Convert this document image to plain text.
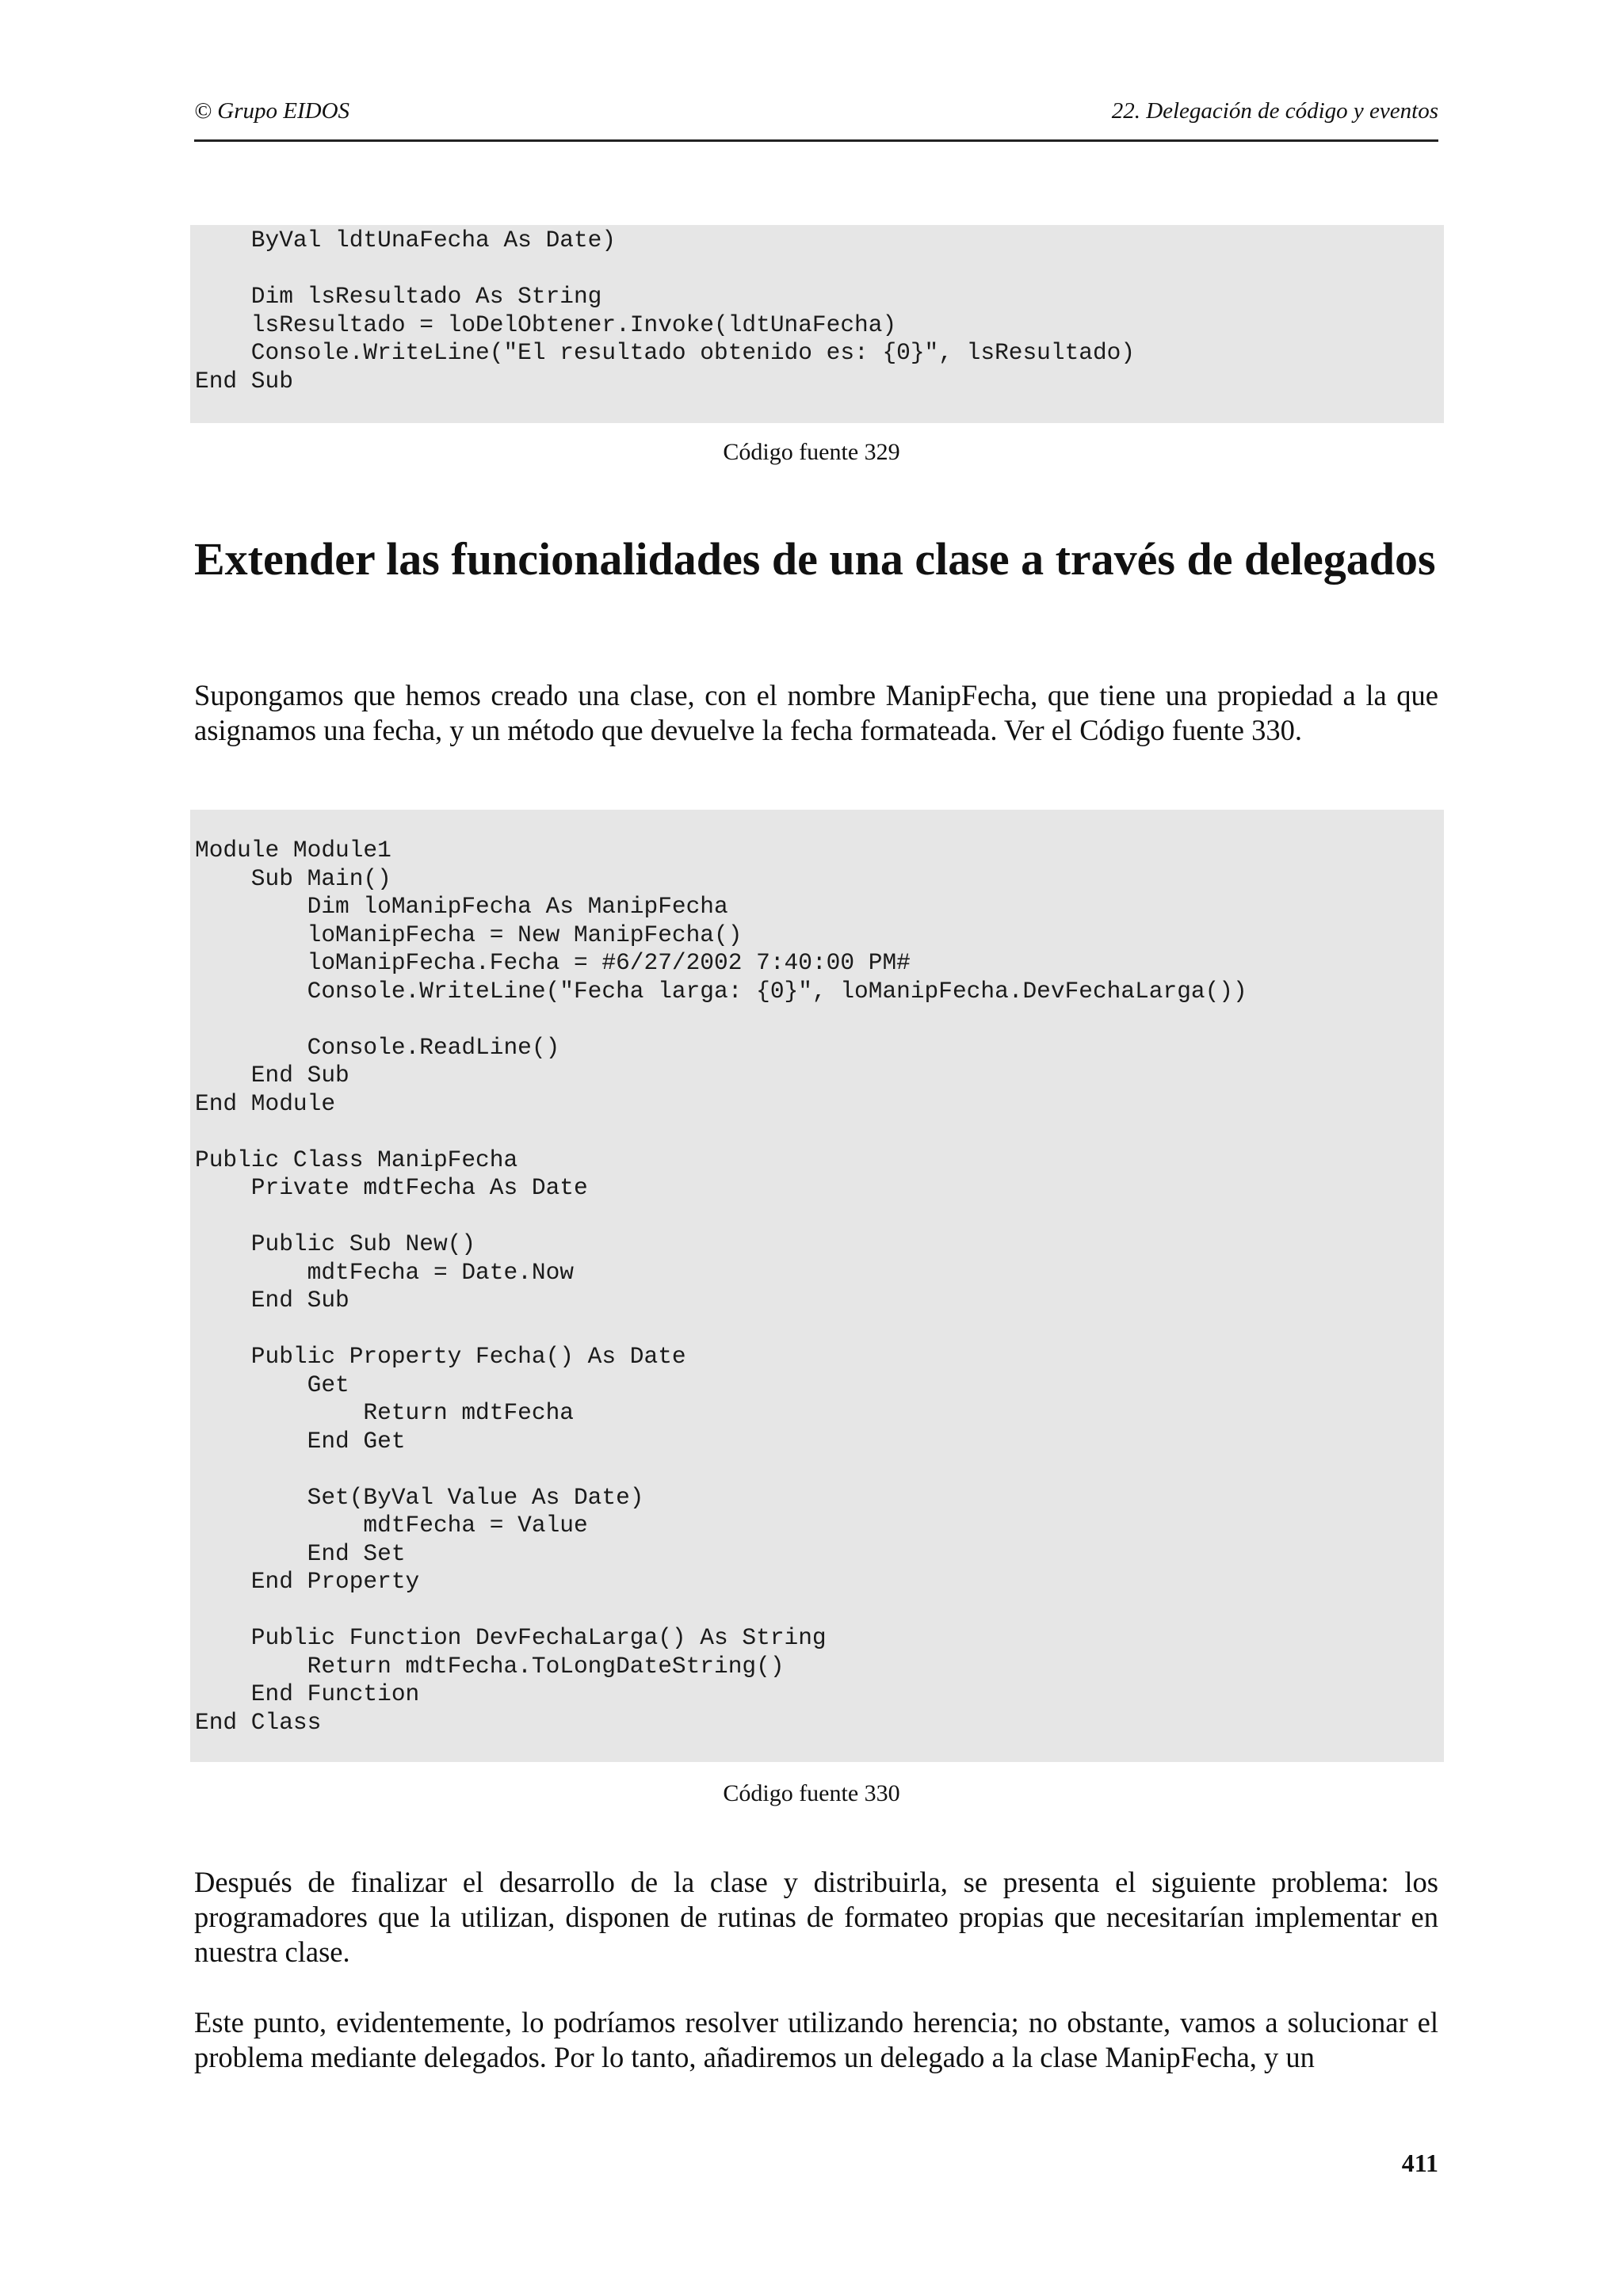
© Grupo EIDOS	22. Delegación de código y eventos
ByVal ldtUnaFecha As Date)

Dim lsResultado As String
lsResultado = loDelObtener.Invoke(ldtUnaFecha)
Console.WriteLine("El resultado obtenido es: {0}", lsResultado)
End Sub
Código fuente 329
Extender las funcionalidades de una clase a través de delegados

Supongamos que hemos creado una clase, con el nombre ManipFecha, que tiene una propiedad a la que asignamos una fecha, y un método que devuelve la fecha formateada. Ver el Código fuente 330.

Module Module1
Sub Main()
Dim loManipFecha As ManipFecha
loManipFecha = New ManipFecha()
loManipFecha.Fecha = #6/27/2002 7:40:00 PM#
Console.WriteLine("Fecha larga: {0}", loManipFecha.DevFechaLarga())

Console.ReadLine()
End Sub
End Module

Public Class ManipFecha
Private mdtFecha As Date

Public Sub New()
mdtFecha = Date.Now
End Sub

Public Property Fecha() As Date
Get
Return mdtFecha
End Get

Set(ByVal Value As Date)
mdtFecha = Value
End Set
End Property

Public Function DevFechaLarga() As String
Return mdtFecha.ToLongDateString()
End Function
End Class
Código fuente 330

Después de finalizar el desarrollo de la clase y distribuirla, se presenta el siguiente problema: los programadores que la utilizan, disponen de rutinas de formateo propias que necesitarían implementar en nuestra clase.

Este punto, evidentemente, lo podríamos resolver utilizando herencia; no obstante, vamos a solucionar el problema mediante delegados. Por lo tanto, añadiremos un delegado a la clase ManipFecha, y un

411
